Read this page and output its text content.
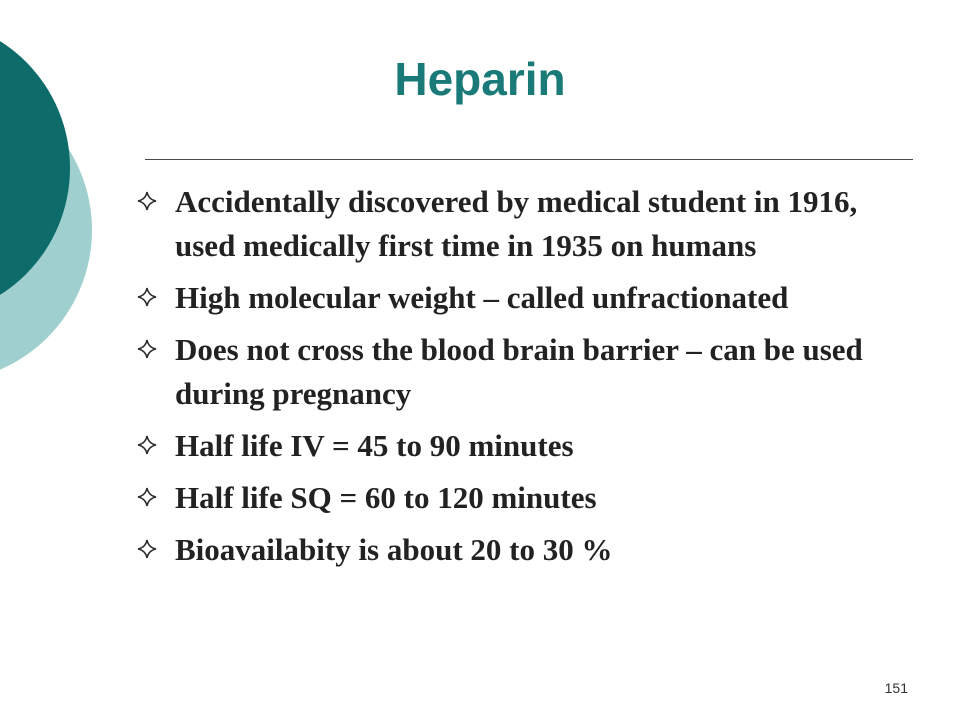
Heparin
Accidentally discovered by medical student in 1916, used medically first time in 1935 on humans
High molecular weight – called unfractionated
Does not cross the blood brain barrier – can be used during pregnancy
Half life IV = 45 to 90 minutes
Half life SQ = 60 to 120 minutes
Bioavailabity is about 20 to 30 %
151
